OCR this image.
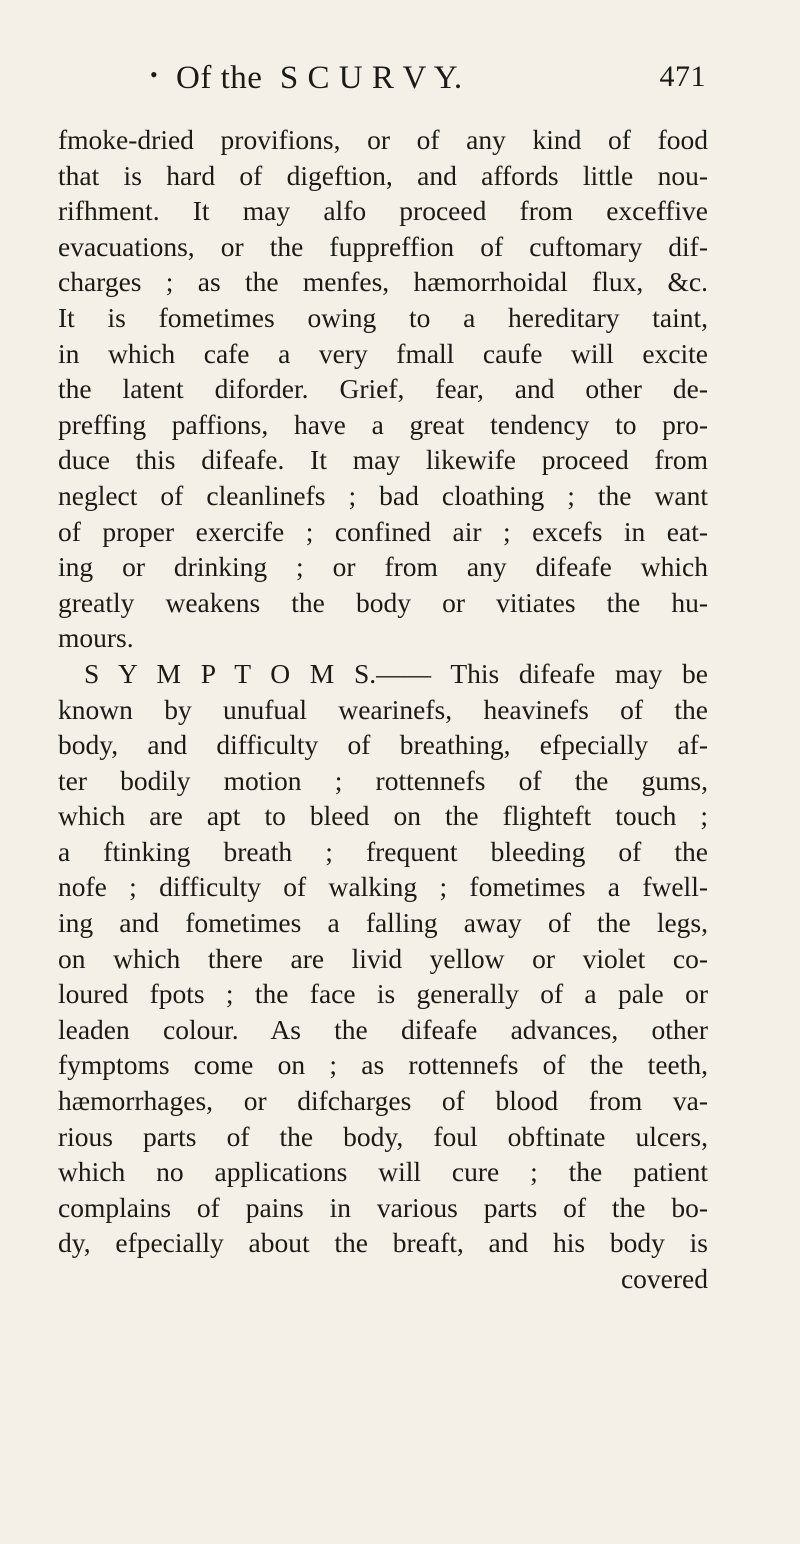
• Of the  S C U R V Y.	471
fmoke-dried provifions, or of any kind of food
that is hard of digeftion, and affords little nou-
rifhment. It may alfo proceed from exceffive
evacuations, or the fuppreffion of cuftomary dif-
charges ; as the menfes, hæmorrhoidal flux, &c.
It is fometimes owing to a hereditary taint,
in which cafe a very fmall caufe will excite
the latent diforder. Grief, fear, and other de-
preffing paffions, have a great tendency to pro-
duce this difeafe. It may likewife proceed from
neglect of cleanlinefs ; bad cloathing ; the want
of proper exercife ; confined air ; excefs in eat-
ing or drinking ; or from any difeafe which
greatly weakens the body or vitiates the hu-
mours.
S Y M P T O M S.—— This difeafe may be
known by unufual wearinefs, heavinefs of the
body, and difficulty of breathing, efpecially af-
ter bodily motion ; rottennefs of the gums,
which are apt to bleed on the flighteft touch ;
a ftinking breath ; frequent bleeding of the
nofe ; difficulty of walking ; fometimes a fwell-
ing and fometimes a falling away of the legs,
on which there are livid yellow or violet co-
loured fpots ; the face is generally of a pale or
leaden colour. As the difeafe advances, other
fymptoms come on ; as rottennefs of the teeth,
hæmorrhages, or difcharges of blood from va-
rious parts of the body, foul obftinate ulcers,
which no applications will cure ; the patient
complains of pains in various parts of the bo-
dy, efpecially about the breaft, and his body is
covered
